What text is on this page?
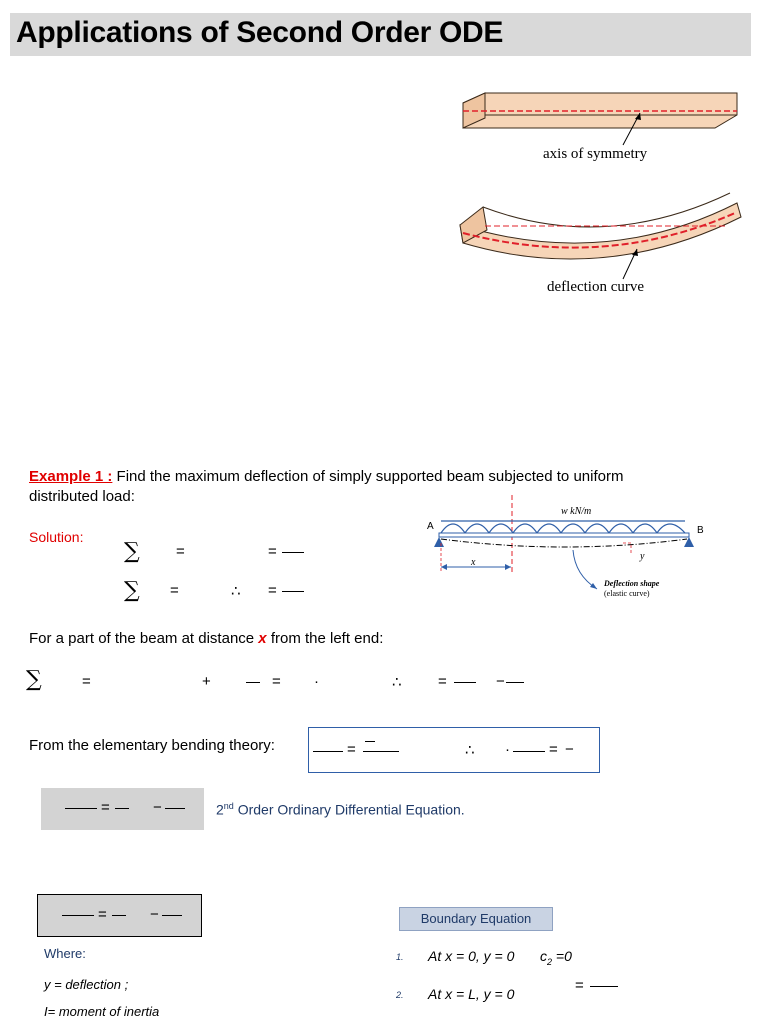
Applications of Second Order ODE
axis of symmetry
deflection curve
Example 1 : Find the maximum deflection of simply supported beam subjected to uniform
distributed load:
Solution:
w kN/m
A	B
x
y
Deflection shape
(elastic curve)
∑ =	=
∑ =	∴ =
For a part of the beam at distance x from the left end:
∑	=	+	= ·	∴ =	−
From the elementary bending theory:	=	∴ ·	= −
=	−	2nd Order Ordinary Differential Equation.
=	−
Where:
y = deflection ;
I= moment of inertia
Boundary Equation
1. At x = 0, y = 0 $c_2 =0$
2. At x = L, y = 0	=
